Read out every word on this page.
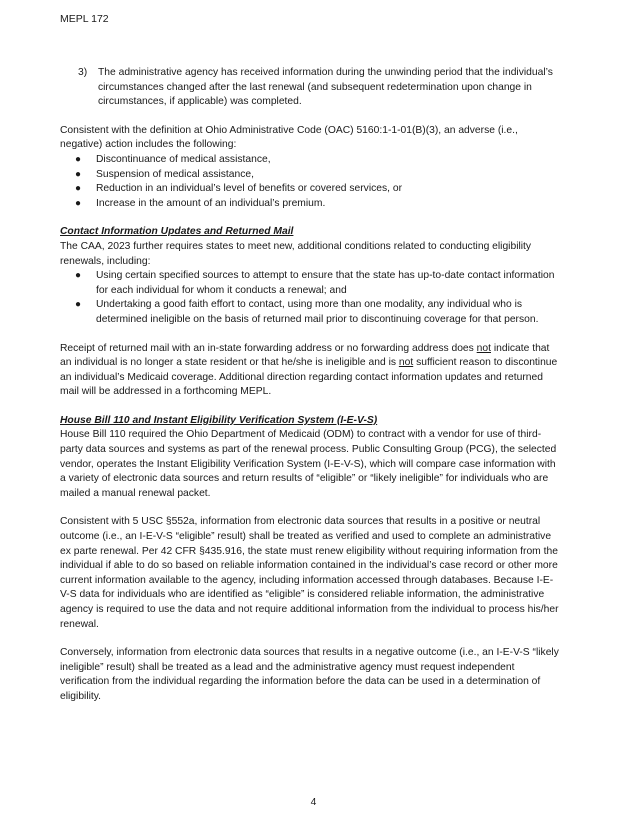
MEPL 172
3)	The administrative agency has received information during the unwinding period that the individual’s circumstances changed after the last renewal (and subsequent redetermination upon change in circumstances, if applicable) was completed.

Consistent with the definition at Ohio Administrative Code (OAC) 5160:1-1-01(B)(3), an adverse (i.e., negative) action includes the following:

●	Discontinuance of medical assistance,
●	Suspension of medical assistance,
●	Reduction in an individual’s level of benefits or covered services, or
●	Increase in the amount of an individual’s premium.

Contact Information Updates and Returned Mail

The CAA, 2023 further requires states to meet new, additional conditions related to conducting eligibility renewals, including:

●	Using certain specified sources to attempt to ensure that the state has up-to-date contact information for each individual for whom it conducts a renewal; and
●	Undertaking a good faith effort to contact, using more than one modality, any individual who is determined ineligible on the basis of returned mail prior to discontinuing coverage for that person.

Receipt of returned mail with an in-state forwarding address or no forwarding address does not indicate that an individual is no longer a state resident or that he/she is ineligible and is not sufficient reason to discontinue an individual’s Medicaid coverage. Additional direction regarding contact information updates and returned mail will be addressed in a forthcoming MEPL.

House Bill 110 and Instant Eligibility Verification System (I-E-V-S)

House Bill 110 required the Ohio Department of Medicaid (ODM) to contract with a vendor for use of third-party data sources and systems as part of the renewal process. Public Consulting Group (PCG), the selected vendor, operates the Instant Eligibility Verification System (I-E-V-S), which will compare case information with a variety of electronic data sources and return results of “eligible” or “likely ineligible” for individuals who are mailed a manual renewal packet.

Consistent with 5 USC §552a, information from electronic data sources that results in a positive or neutral outcome (i.e., an I-E-V-S “eligible” result) shall be treated as verified and used to complete an administrative ex parte renewal. Per 42 CFR §435.916, the state must renew eligibility without requiring information from the individual if able to do so based on reliable information contained in the individual’s case record or other more current information available to the agency, including information accessed through databases. Because I-E-V-S data for individuals who are identified as “eligible” is considered reliable information, the administrative agency is required to use the data and not require additional information from the individual to process his/her renewal.

Conversely, information from electronic data sources that results in a negative outcome (i.e., an I-E-V-S “likely ineligible” result) shall be treated as a lead and the administrative agency must request independent verification from the individual regarding the information before the data can be used in a determination of eligibility.

4
